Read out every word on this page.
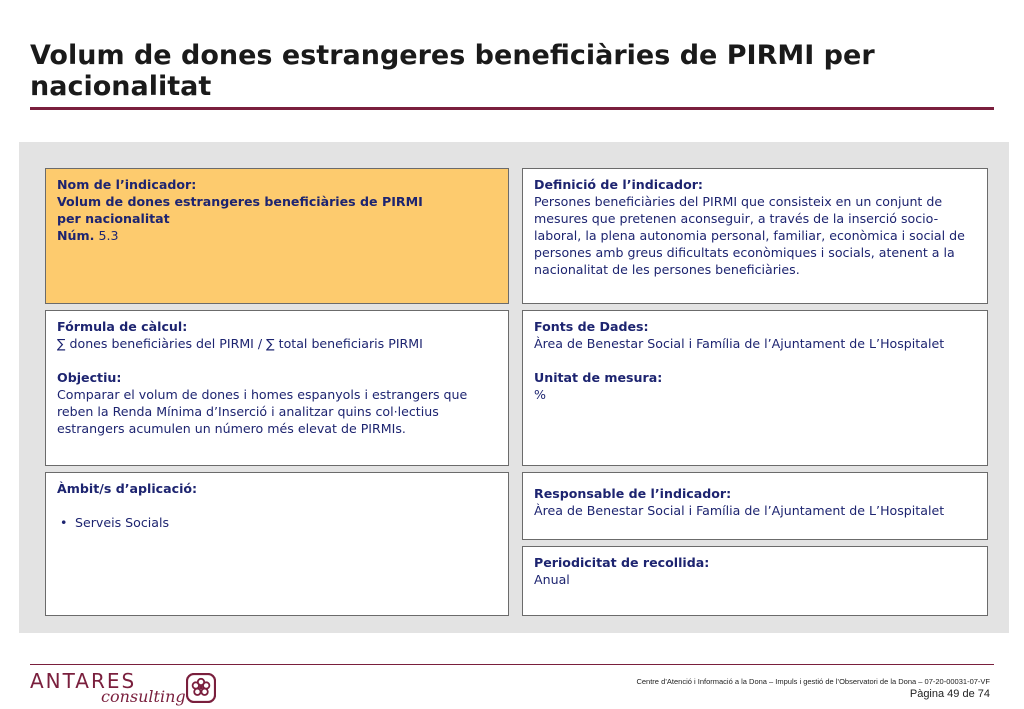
Volum de dones estrangeres beneficiàries de PIRMI per nacionalitat
Nom de l’indicador:
Volum de dones estrangeres beneficiàries de PIRMI
per nacionalitat
Núm. 5.3
Definició de l’indicador:
Persones beneficiàries del PIRMI que consisteix en un conjunt de mesures que pretenen aconseguir, a través de la inserció socio-laboral, la plena autonomia personal, familiar, econòmica i social de persones amb greus dificultats econòmiques i socials, atenent a la nacionalitat de les persones beneficiàries.
Fórmula de càlcul:
∑ dones beneficiàries del PIRMI / ∑ total beneficiaris PIRMI
Objectiu:
Comparar el volum de dones i homes espanyols i estrangers que reben la Renda Mínima d’Inserció i analitzar quins col·lectius estrangers acumulen un número més elevat de PIRMIs.
Fonts de Dades:
Àrea de Benestar Social i Família de l’Ajuntament de L’Hospitalet
Unitat de mesura:
%
Àmbit/s d’aplicació:
• Serveis Socials
Responsable de l’indicador:
Àrea de Benestar Social i Família de l’Ajuntament de L’Hospitalet
Periodicitat de recollida:
Anual
ANTARES
consulting
Centre d’Atenció i Informació a la Dona – Impuls i gestió de l’Observatori de la Dona – 07-20-00031-07-VF
Pàgina 49 de 74
